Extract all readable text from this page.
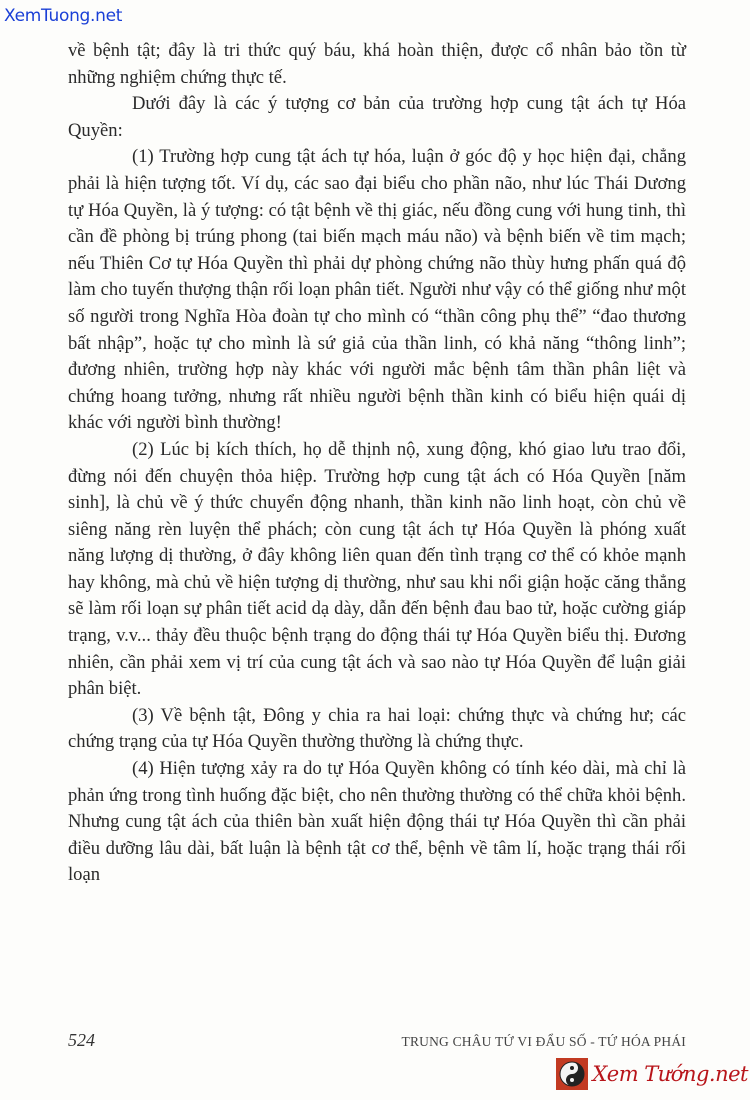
XemTuong.net

về bệnh tật; đây là tri thức quý báu, khá hoàn thiện, được cổ nhân bảo tồn từ những nghiệm chứng thực tế.

Dưới đây là các ý tượng cơ bản của trường hợp cung tật ách tự Hóa Quyền:

(1) Trường hợp cung tật ách tự hóa, luận ở góc độ y học hiện đại, chẳng phải là hiện tượng tốt. Ví dụ, các sao đại biểu cho phần não, như lúc Thái Dương tự Hóa Quyền, là ý tượng: có tật bệnh về thị giác, nếu đồng cung với hung tinh, thì cần đề phòng bị trúng phong (tai biến mạch máu não) và bệnh biến về tim mạch; nếu Thiên Cơ tự Hóa Quyền thì phải dự phòng chứng não thùy hưng phấn quá độ làm cho tuyến thượng thận rối loạn phân tiết. Người như vậy có thể giống như một số người trong Nghĩa Hòa đoàn tự cho mình có “thần công phụ thể” “đao thương bất nhập”, hoặc tự cho mình là sứ giả của thần linh, có khả năng “thông linh”; đương nhiên, trường hợp này khác với người mắc bệnh tâm thần phân liệt và chứng hoang tưởng, nhưng rất nhiều người bệnh thần kinh có biểu hiện quái dị khác với người bình thường!

(2) Lúc bị kích thích, họ dễ thịnh nộ, xung động, khó giao lưu trao đổi, đừng nói đến chuyện thỏa hiệp. Trường hợp cung tật ách có Hóa Quyền [năm sinh], là chủ về ý thức chuyển động nhanh, thần kinh não linh hoạt, còn chủ về siêng năng rèn luyện thể phách; còn cung tật ách tự Hóa Quyền là phóng xuất năng lượng dị thường, ở đây không liên quan đến tình trạng cơ thể có khỏe mạnh hay không, mà chủ về hiện tượng dị thường, như sau khi nổi giận hoặc căng thẳng sẽ làm rối loạn sự phân tiết acid dạ dày, dẫn đến bệnh đau bao tử, hoặc cường giáp trạng, v.v... thảy đều thuộc bệnh trạng do động thái tự Hóa Quyền biểu thị. Đương nhiên, cần phải xem vị trí của cung tật ách và sao nào tự Hóa Quyền để luận giải phân biệt.

(3) Về bệnh tật, Đông y chia ra hai loại: chứng thực và chứng hư; các chứng trạng của tự Hóa Quyền thường thường là chứng thực.

(4) Hiện tượng xảy ra do tự Hóa Quyền không có tính kéo dài, mà chỉ là phản ứng trong tình huống đặc biệt, cho nên thường thường có thể chữa khỏi bệnh. Nhưng cung tật ách của thiên bàn xuất hiện động thái tự Hóa Quyền thì cần phải điều dưỡng lâu dài, bất luận là bệnh tật cơ thể, bệnh về tâm lí, hoặc trạng thái rối loạn

524	TRUNG CHÂU TỨ VI ĐẨU SỐ - TỨ HÓA PHÁI
Xem Tướng.net
